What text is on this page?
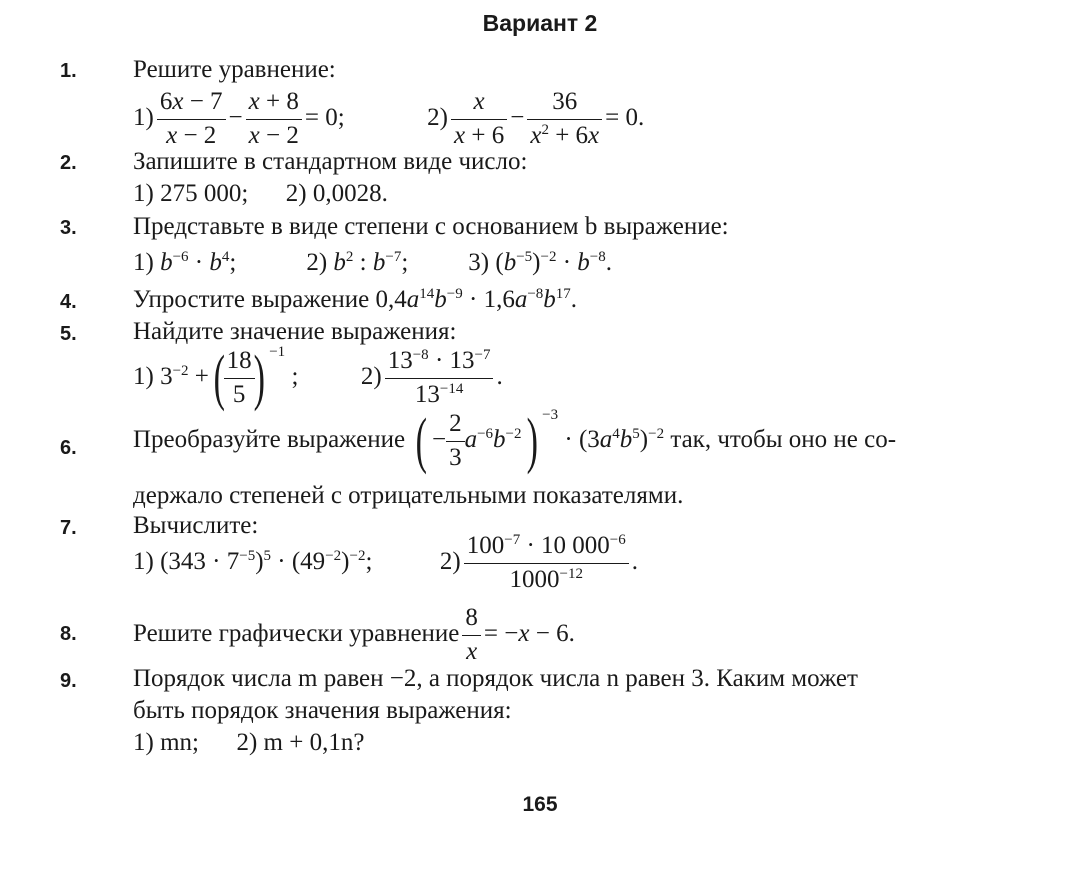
Вариант 2
1. Решите уравнение:
$1) \frac{6x - 7}{x - 2} - \frac{x + 8}{x - 2} = 0$;	$2) \frac{x}{x + 6} - \frac{36}{x^2 + 6x} = 0$.
2. Запишите в стандартном виде число:
1) 275 000;      2) 0,0028.
3. Представьте в виде степени с основанием b выражение:
1) $b^{-6} \cdot b^4$;	2) $b^2$ : $b^{-7}$; 3) $(b^{-5})^{-2} \cdot b^{-8}$.
4. Упростите выражение $0,4a^{14}b^{-9} \cdot 1,6a^{-8}b^{17}$.
5. Найдите значение выражения:
1) $3^{-2}$ +(
$\frac{18}{5}$
) $^{-1}$ ;  $2) \frac{13^{-8} \cdot 13^{-7}}{13^{-14}}$ .
6. Преобразуйте выражение ( − $\frac{2}{3} a^{-6}b^{-2}$) $^{-3} \cdot (3a^4b^5)^{-2}$ так, чтобы оно не со-
держало степеней с отрицательными показателями.
7. Вычислите:
1) $(343 \cdot 7^{-5})^5 \cdot (49^{-2})^{-2}$;  $2) \frac{100^{-7} \cdot 10 000^{-6}}{1000^{-12}}$ .
8. Решите графически уравнение $\frac{8}{x} = -x - 6$.
9. Порядок числа m равен −2, а порядок числа n равен 3. Каким может
быть порядок значения выражения:
1) mn;      2) m + 0,1n?
165
